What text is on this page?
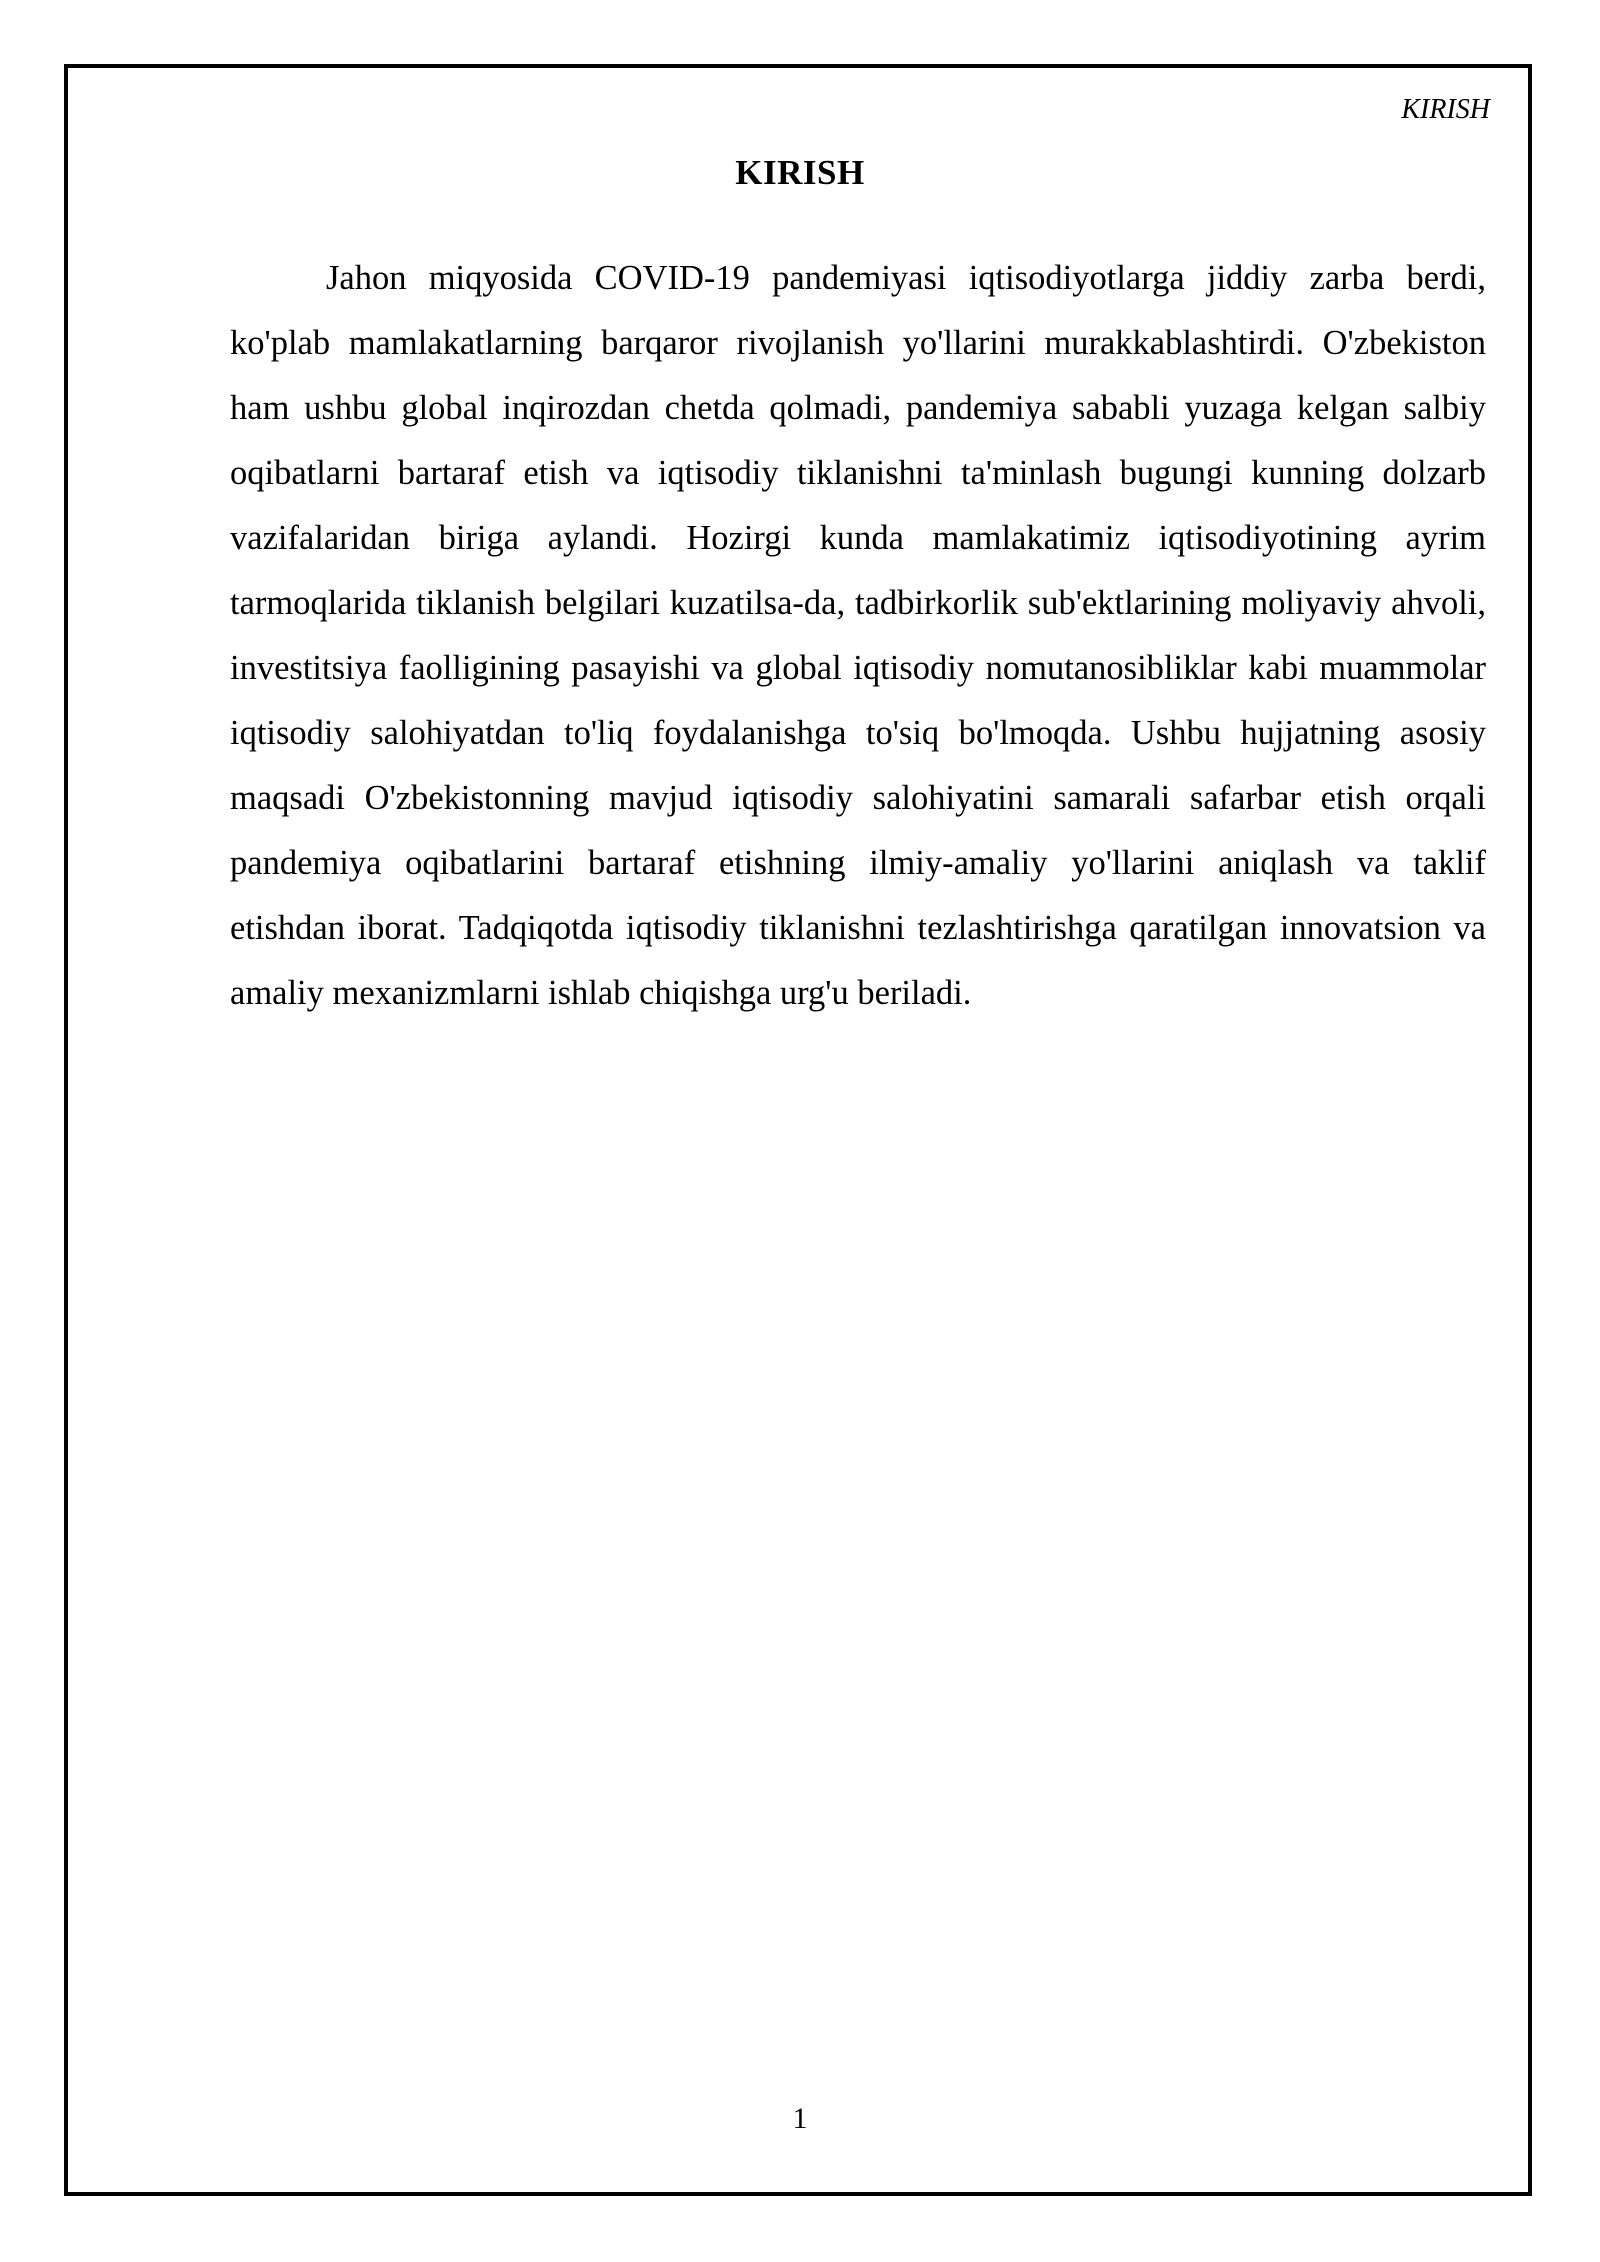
KIRISH
KIRISH

Jahon miqyosida COVID-19 pandemiyasi iqtisodiyotlarga jiddiy zarba berdi, ko'plab mamlakatlarning barqaror rivojlanish yo'llarini murakkablashtirdi. O'zbekiston ham ushbu global inqirozdan chetda qolmadi, pandemiya sababli yuzaga kelgan salbiy oqibatlarni bartaraf etish va iqtisodiy tiklanishni ta'minlash bugungi kunning dolzarb vazifalaridan biriga aylandi. Hozirgi kunda mamlakatimiz iqtisodiyotining ayrim tarmoqlarida tiklanish belgilari kuzatilsa-da, tadbirkorlik sub'ektlarining moliyaviy ahvoli, investitsiya faolligining pasayishi va global iqtisodiy nomutanosibliklar kabi muammolar iqtisodiy salohiyatdan to'liq foydalanishga to'siq bo'lmoqda. Ushbu hujjatning asosiy maqsadi O'zbekistonning mavjud iqtisodiy salohiyatini samarali safarbar etish orqali pandemiya oqibatlarini bartaraf etishning ilmiy-amaliy yo'llarini aniqlash va taklif etishdan iborat. Tadqiqotda iqtisodiy tiklanishni tezlashtirishga qaratilgan innovatsion va amaliy mexanizmlarni ishlab chiqishga urg'u beriladi.

1
